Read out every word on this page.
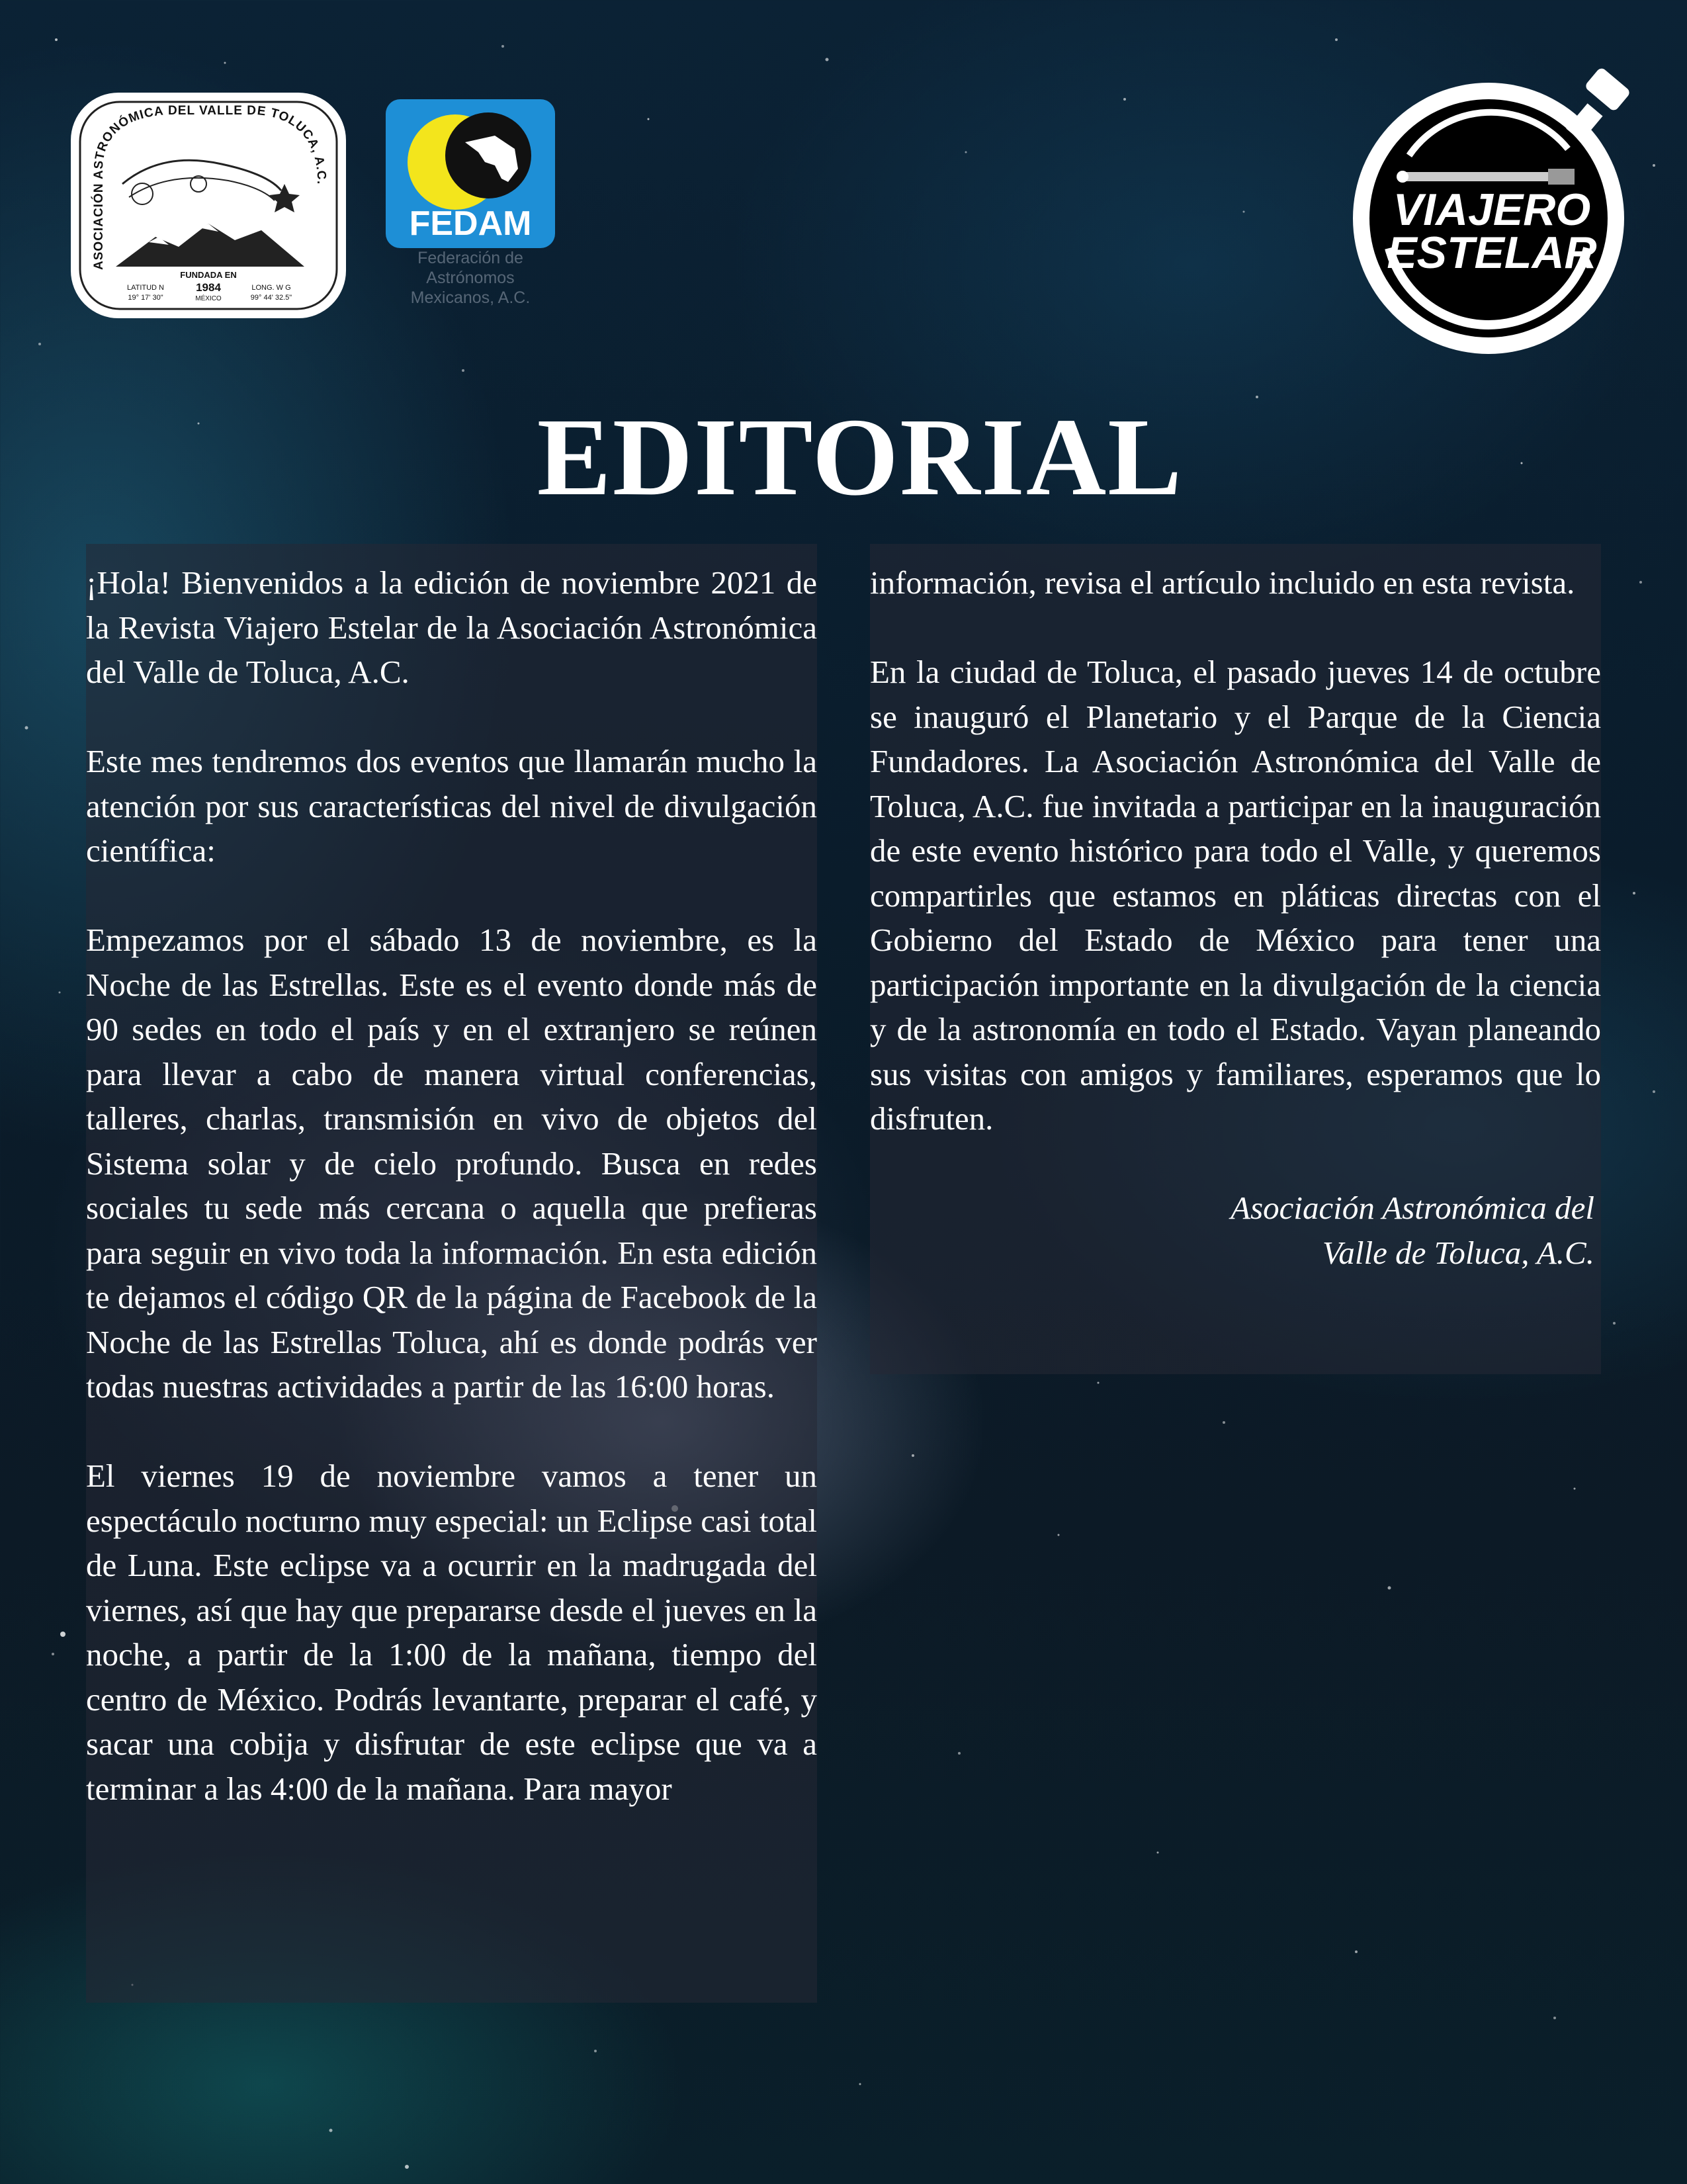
ASOCIACIÓN ASTRONÓMICA DEL VALLE DE TOLUCA, A.C.
FUNDADA EN
1984
MÉXICO
LATITUD N
19° 17' 30"
LONG. W G
99° 44' 32.5"
FEDAM
Federación de
Astrónomos
Mexicanos, A.C.
VIAJERO
ESTELAR
EDITORIAL

¡Hola! Bienvenidos a la edición de noviembre 2021 de la Revista Viajero Estelar de la Asociación Astronómica del Valle de Toluca, A.C.

Este mes tendremos dos eventos que llamarán mucho la atención por sus características del nivel de divulgación científica:

Empezamos por el sábado 13 de noviembre, es la Noche de las Estrellas. Este es el evento donde más de 90 sedes en todo el país y en el extranjero se reúnen para llevar a cabo de manera virtual conferencias, talleres, charlas, transmisión en vivo de objetos del Sistema solar y de cielo profundo. Busca en redes sociales tu sede más cercana o aquella que prefieras para seguir en vivo toda la información. En esta edición te dejamos el código QR de la página de Facebook de la Noche de las Estrellas Toluca, ahí es donde podrás ver todas nuestras actividades a partir de las 16:00 horas.

El viernes 19 de noviembre vamos a tener un espectáculo nocturno muy especial: un Eclipse casi total de Luna. Este eclipse va a ocurrir en la madrugada del viernes, así que hay que prepararse desde el jueves en la noche, a partir de la 1:00 de la mañana, tiempo del centro de México. Podrás levantarte, preparar el café, y sacar una cobija y disfrutar de este eclipse que va a terminar a las 4:00 de la mañana. Para mayor

información, revisa el artículo incluido en esta revista.

En la ciudad de Toluca, el pasado jueves 14 de octubre se inauguró el Planetario y el Parque de la Ciencia Fundadores. La Asociación Astronómica del Valle de Toluca, A.C. fue invitada a participar en la inauguración de este evento histórico para todo el Valle, y queremos compartirles que estamos en pláticas directas con el Gobierno del Estado de México para tener una participación importante en la divulgación de la ciencia y de la astronomía en todo el Estado. Vayan planeando sus visitas con amigos y familiares, esperamos que lo disfruten.

Asociación Astronómica del
Valle de Toluca, A.C.
